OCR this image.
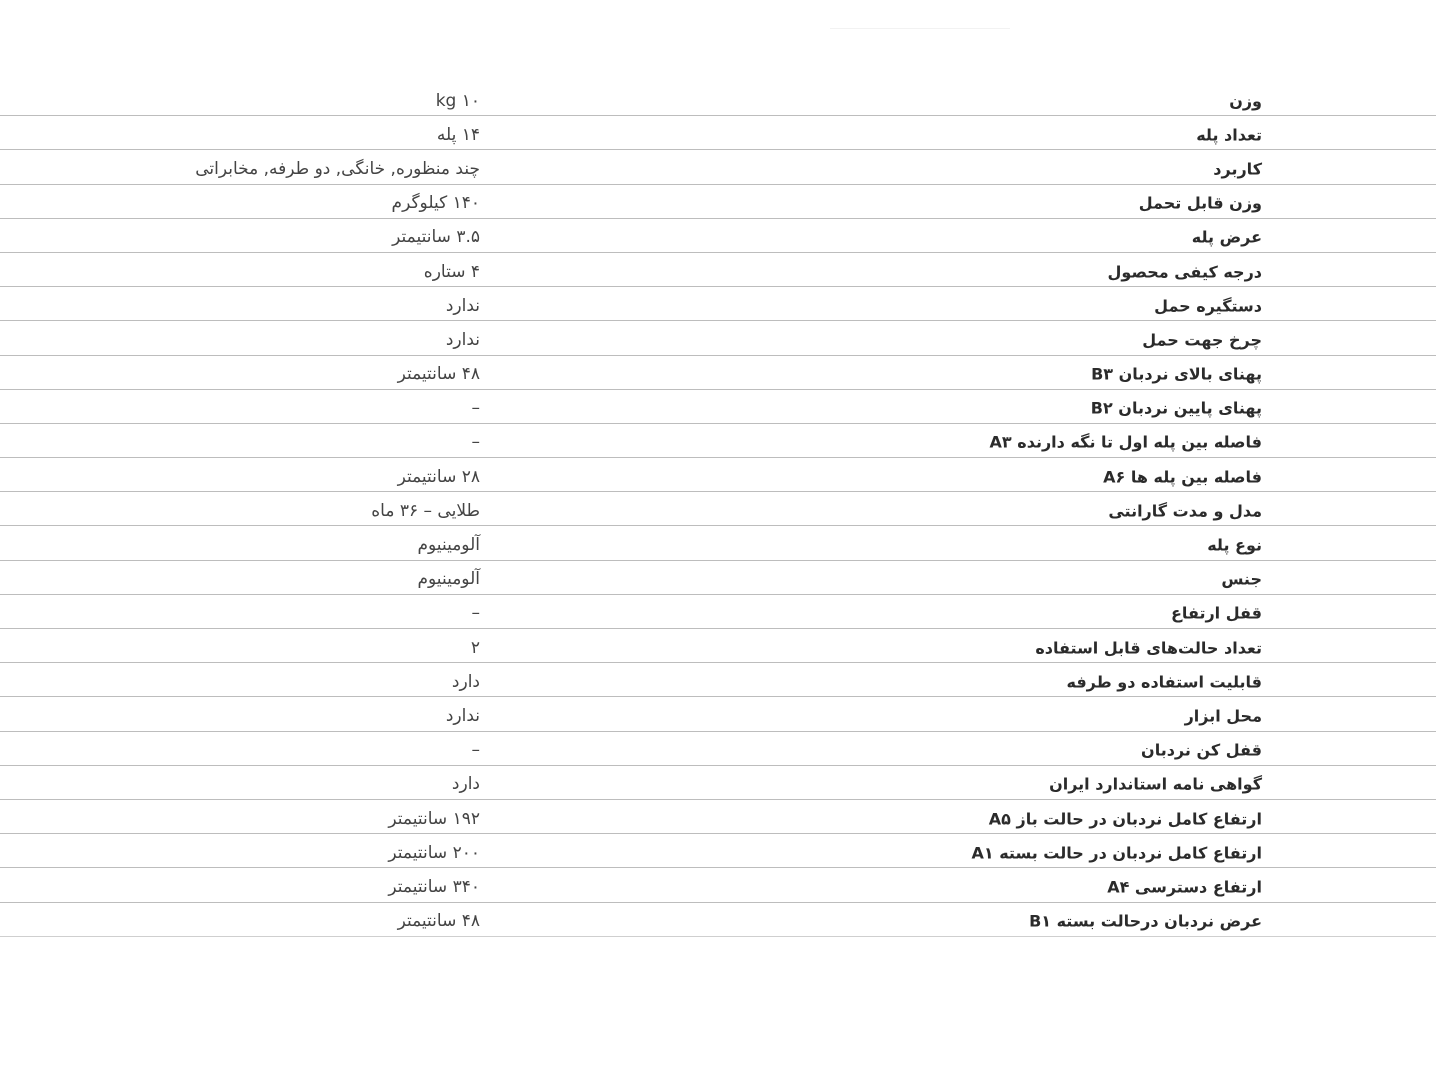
وزن
kg ۱۰
تعداد پله
۱۴ پله
کاربرد
چند منظوره, خانگی, دو طرفه, مخابراتی
وزن قابل تحمل
۱۴۰ کیلوگرم
عرض پله
۳.۵ سانتیمتر
درجه کیفی محصول
۴ ستاره
دستگیره حمل
ندارد
چرخ جهت حمل
ندارد
پهنای بالای نردبان B۳
۴۸ سانتیمتر
پهنای پایین نردبان B۲
–
فاصله بین پله اول تا نگه دارنده A۳
–
فاصله بین پله ها A۶
۲۸ سانتیمتر
مدل و مدت گارانتی
طلایی – ۳۶ ماه
نوع پله
آلومینیوم
جنس
آلومینیوم
قفل ارتفاع
–
تعداد حالت‌های قابل استفاده
۲
قابلیت استفاده دو طرفه
دارد
محل ابزار
ندارد
قفل کن نردبان
–
گواهی نامه استاندارد ایران
دارد
ارتفاع کامل نردبان در حالت باز A۵
۱۹۲ سانتیمتر
ارتفاع کامل نردبان در حالت بسته A۱
۲۰۰ سانتیمتر
ارتفاع دسترسی A۴
۳۴۰ سانتیمتر
عرض نردبان درحالت بسته B۱
۴۸ سانتیمتر
